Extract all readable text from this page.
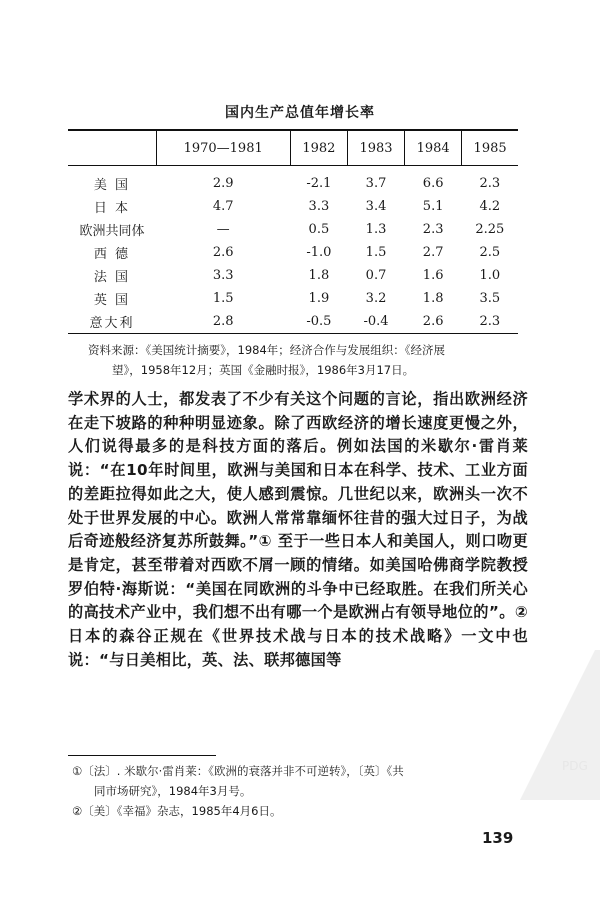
国内生产总值年增长率
	1970—1981	1982	1983	1984	1985
美 国	2.9	-2.1	3.7	6.6	2.3
日 本	4.7	3.3	3.4	5.1	4.2
欧洲共同体	—	0.5	1.3	2.3	2.25
西 德	2.6	-1.0	1.5	2.7	2.5
法 国	3.3	1.8	0.7	1.6	1.0
英 国	1.5	1.9	3.2	1.8	3.5
意大利	2.8	-0.5	-0.4	2.6	2.3
资料来源：《美国统计摘要》，1984年；经济合作与发展组织：《经济展
望》，1958年12月；英国《金融时报》，1986年3月17日。
学术界的人士，都发表了不少有关这个问题的言论，指出欧洲经济在走下坡路的种种明显迹象。除了西欧经济的增长速度更慢之外，人们说得最多的是科技方面的落后。例如法国的米歇尔·雷肖莱说：“在10年时间里，欧洲与美国和日本在科学、技术、工业方面的差距拉得如此之大，使人感到震惊。几世纪以来，欧洲头一次不处于世界发展的中心。欧洲人常常靠缅怀往昔的强大过日子，为战后奇迹般经济复苏所鼓舞。”① 至于一些日本人和美国人，则口吻更是肯定，甚至带着对西欧不屑一顾的情绪。如美国哈佛商学院教授罗伯特·海斯说：“美国在同欧洲的斗争中已经取胜。在我们所关心的高技术产业中，我们想不出有哪一个是欧洲占有领导地位的”。② 日本的森谷正规在《世界技术战与日本的技术战略》一文中也说：“与日美相比，英、法、联邦德国等
①〔法〕. 米歇尔·雷肖莱：《欧洲的衰落并非不可逆转》，〔英〕《共
同市场研究》，1984年3月号。
②〔美〕《幸福》杂志，1985年4月6日。
139
PDG
